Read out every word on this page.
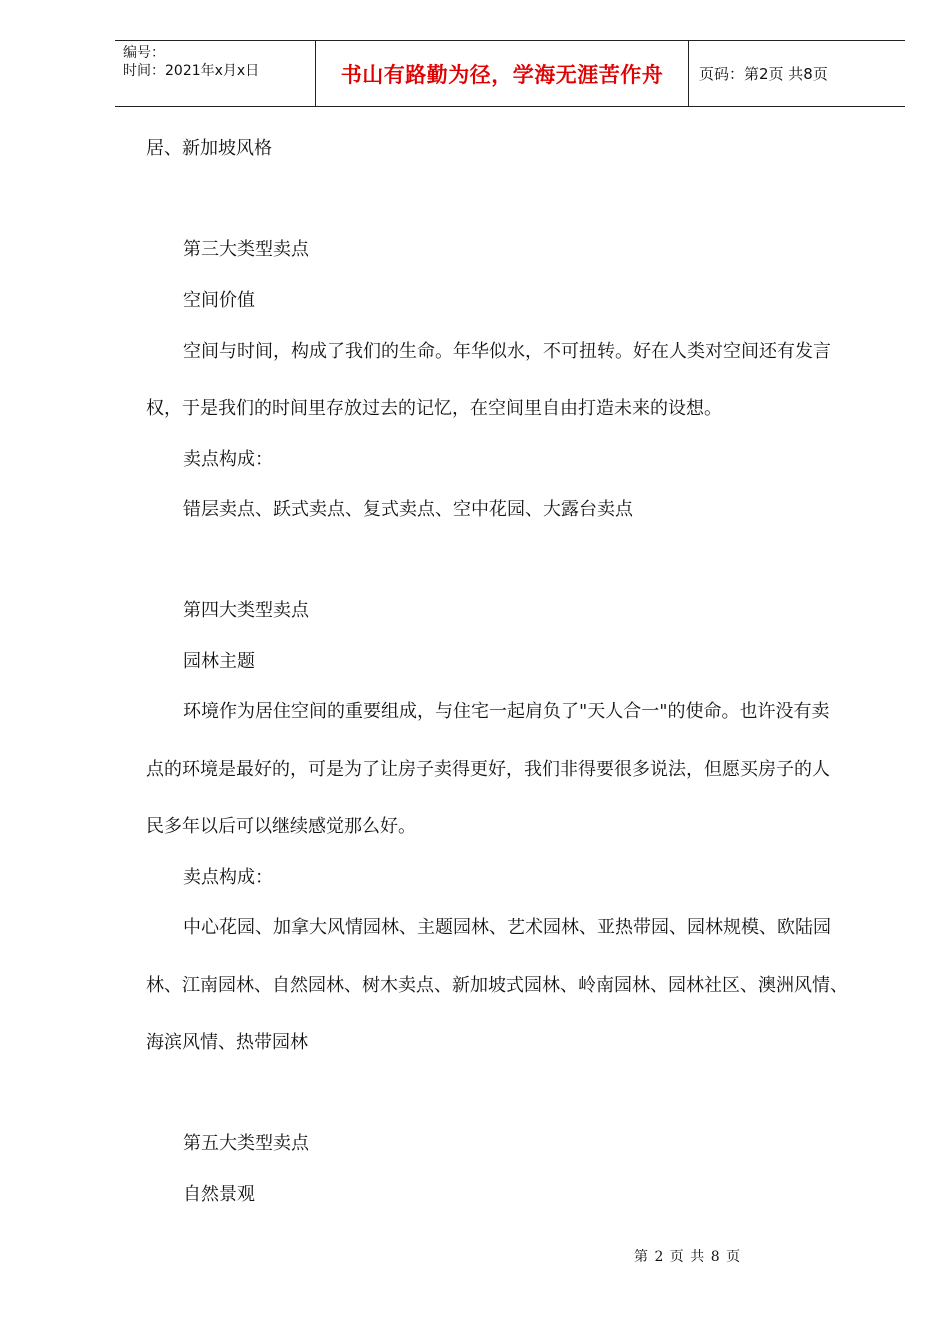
编号：
时间：2021年x月x日	书山有路勤为径，学海无涯苦作舟	页码：第2页 共8页
居、新加坡风格
第三大类型卖点
空间价值
空间与时间，构成了我们的生命。年华似水，不可扭转。好在人类对空间还有发言
权，于是我们的时间里存放过去的记忆，在空间里自由打造未来的设想。
卖点构成：
错层卖点、跃式卖点、复式卖点、空中花园、大露台卖点
第四大类型卖点
园林主题
环境作为居住空间的重要组成，与住宅一起肩负了"天人合一"的使命。也许没有卖
点的环境是最好的，可是为了让房子卖得更好，我们非得要很多说法，但愿买房子的人
民多年以后可以继续感觉那么好。
卖点构成：
中心花园、加拿大风情园林、主题园林、艺术园林、亚热带园、园林规模、欧陆园
林、江南园林、自然园林、树木卖点、新加坡式园林、岭南园林、园林社区、澳洲风情、
海滨风情、热带园林
第五大类型卖点
自然景观
第 2 页 共 8 页
